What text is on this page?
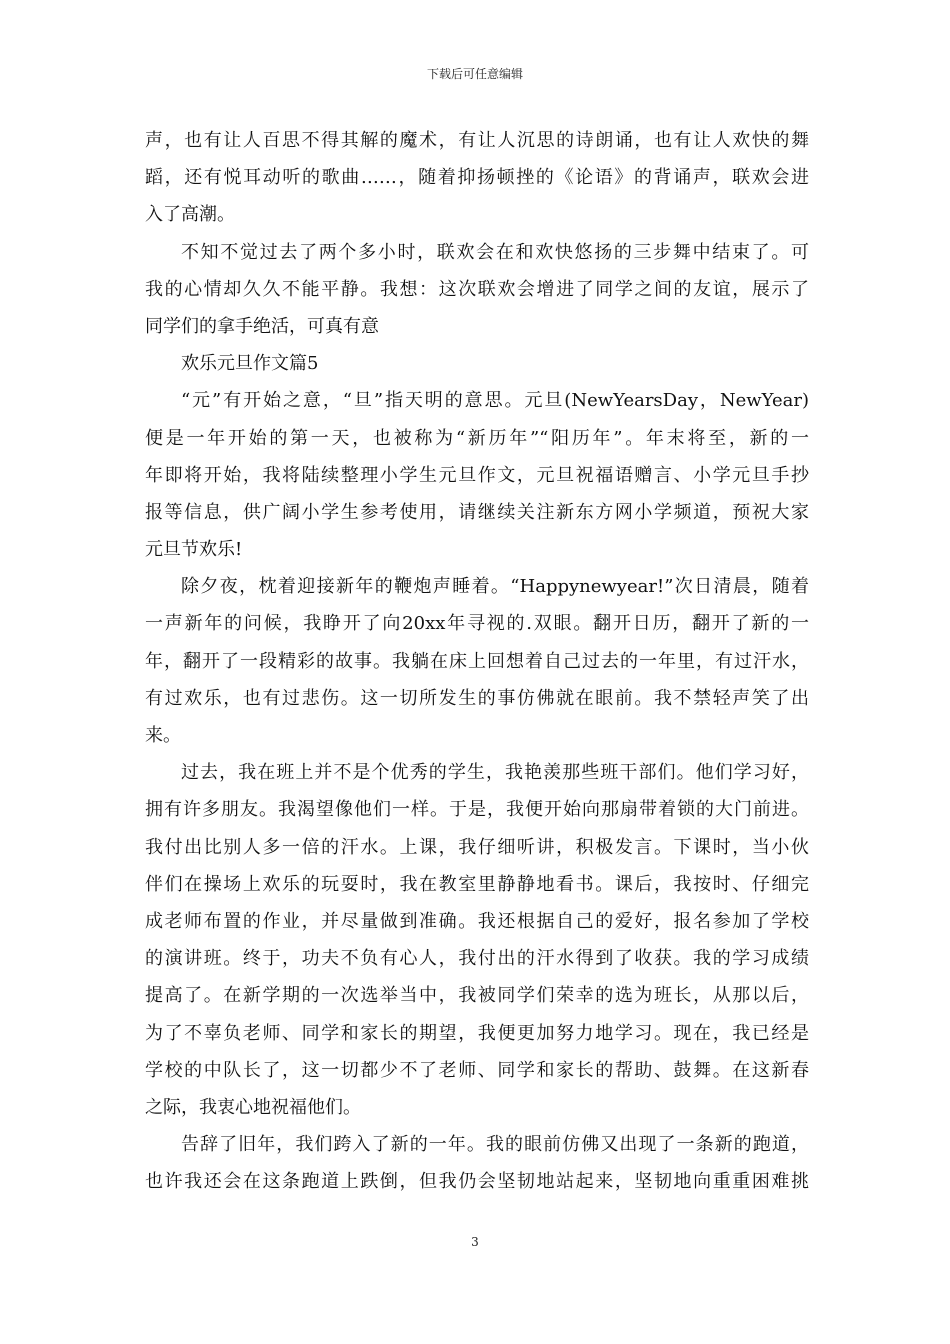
下载后可任意编辑
声，也有让人百思不得其解的魔术，有让人沉思的诗朗诵，也有让人欢快的舞
蹈，还有悦耳动听的歌曲……，随着抑扬顿挫的《论语》的背诵声，联欢会进
入了高潮。
不知不觉过去了两个多小时，联欢会在和欢快悠扬的三步舞中结束了。可
我的心情却久久不能平静。我想：这次联欢会增进了同学之间的友谊，展示了
同学们的拿手绝活，可真有意
欢乐元旦作文篇5
“元”有开始之意，“旦”指天明的意思。元旦(NewYearsDay，NewYear)
便是一年开始的第一天，也被称为“新历年”“阳历年”。年末将至，新的一
年即将开始，我将陆续整理小学生元旦作文，元旦祝福语赠言、小学元旦手抄
报等信息，供广阔小学生参考使用，请继续关注新东方网小学频道，预祝大家
元旦节欢乐!
除夕夜，枕着迎接新年的鞭炮声睡着。“Happynewyear!”次日清晨，随着
一声新年的问候，我睁开了向20xx年寻视的.双眼。翻开日历，翻开了新的一
年，翻开了一段精彩的故事。我躺在床上回想着自己过去的一年里，有过汗水，
有过欢乐，也有过悲伤。这一切所发生的事仿佛就在眼前。我不禁轻声笑了出
来。
过去，我在班上并不是个优秀的学生，我艳羡那些班干部们。他们学习好，
拥有许多朋友。我渴望像他们一样。于是，我便开始向那扇带着锁的大门前进。
我付出比别人多一倍的汗水。上课，我仔细听讲，积极发言。下课时，当小伙
伴们在操场上欢乐的玩耍时，我在教室里静静地看书。课后，我按时、仔细完
成老师布置的作业，并尽量做到准确。我还根据自己的爱好，报名参加了学校
的演讲班。终于，功夫不负有心人，我付出的汗水得到了收获。我的学习成绩
提高了。在新学期的一次选举当中，我被同学们荣幸的选为班长，从那以后，
为了不辜负老师、同学和家长的期望，我便更加努力地学习。现在，我已经是
学校的中队长了，这一切都少不了老师、同学和家长的帮助、鼓舞。在这新春
之际，我衷心地祝福他们。
告辞了旧年，我们跨入了新的一年。我的眼前仿佛又出现了一条新的跑道，
也许我还会在这条跑道上跌倒，但我仍会坚韧地站起来，坚韧地向重重困难挑
3
